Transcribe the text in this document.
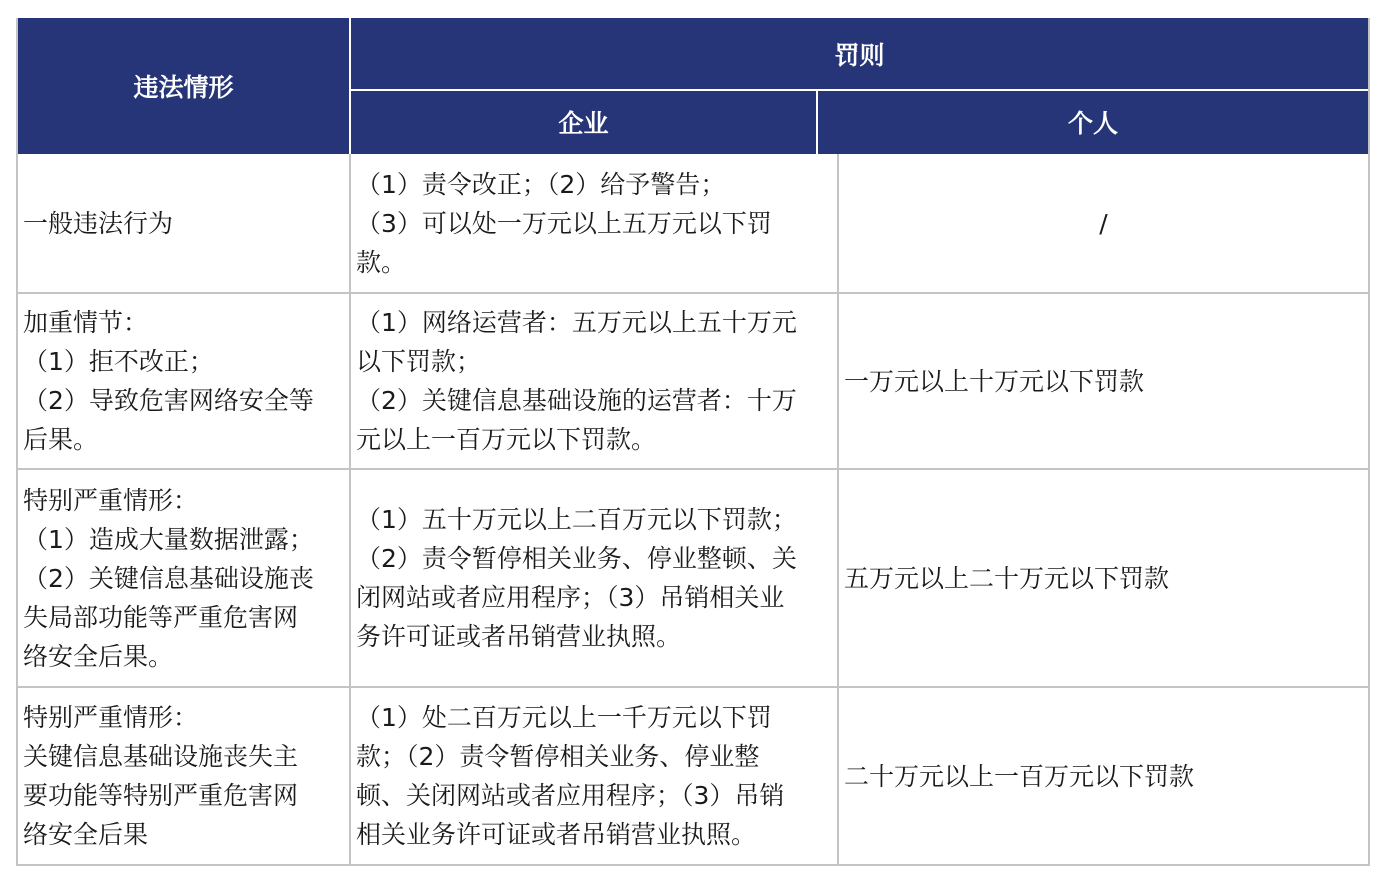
违法情形
罚则
企业	个人
一般违法行为
（1）责令改正；（2）给予警告；
（3）可以处一万元以上五万元以下罚
款。
/
加重情节：
（1）拒不改正；
（2）导致危害网络安全等
后果。
（1）网络运营者：五万元以上五十万元
以下罚款；
（2）关键信息基础设施的运营者：十万
元以上一百万元以下罚款。
一万元以上十万元以下罚款
特别严重情形：
（1）造成大量数据泄露；
（2）关键信息基础设施丧
失局部功能等严重危害网
络安全后果。
（1）五十万元以上二百万元以下罚款；
（2）责令暂停相关业务、停业整顿、关
闭网站或者应用程序；（3）吊销相关业
务许可证或者吊销营业执照。
五万元以上二十万元以下罚款
特别严重情形：
关键信息基础设施丧失主
要功能等特别严重危害网
络安全后果
（1）处二百万元以上一千万元以下罚
款；（2）责令暂停相关业务、停业整
顿、关闭网站或者应用程序；（3）吊销
相关业务许可证或者吊销营业执照。
二十万元以上一百万元以下罚款
